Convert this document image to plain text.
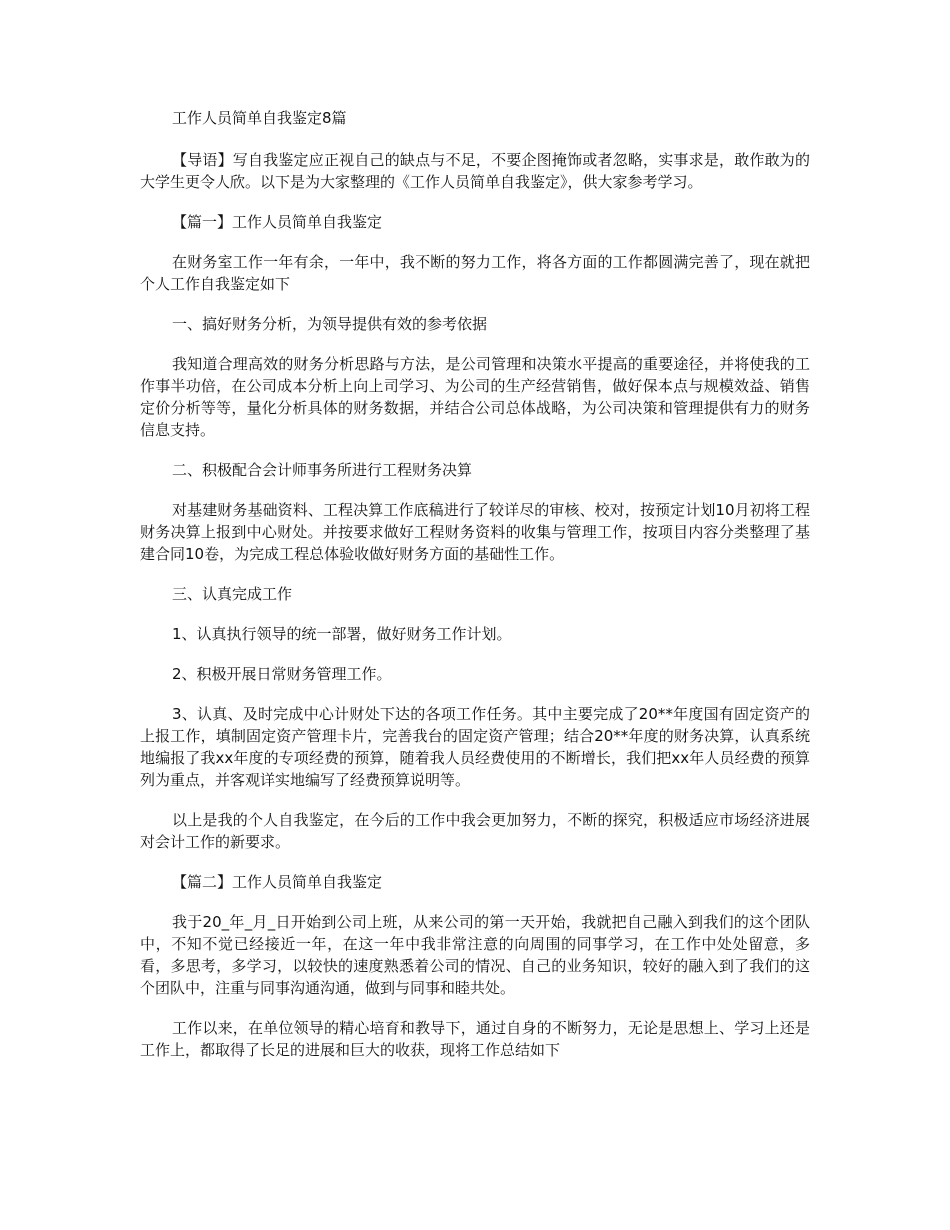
工作人员简单自我鉴定8篇

【导语】写自我鉴定应正视自己的缺点与不足，不要企图掩饰或者忽略，实事求是，敢作敢为的大学生更令人欣。以下是为大家整理的《工作人员简单自我鉴定》，供大家参考学习。

【篇一】工作人员简单自我鉴定

在财务室工作一年有余，一年中，我不断的努力工作，将各方面的工作都圆满完善了，现在就把个人工作自我鉴定如下

一、搞好财务分析，为领导提供有效的参考依据

我知道合理高效的财务分析思路与方法，是公司管理和决策水平提高的重要途径，并将使我的工作事半功倍，在公司成本分析上向上司学习、为公司的生产经营销售，做好保本点与规模效益、销售定价分析等等，量化分析具体的财务数据，并结合公司总体战略，为公司决策和管理提供有力的财务信息支持。

二、积极配合会计师事务所进行工程财务决算

对基建财务基础资料、工程决算工作底稿进行了较详尽的审核、校对，按预定计划10月初将工程财务决算上报到中心财处。并按要求做好工程财务资料的收集与管理工作，按项目内容分类整理了基建合同10卷，为完成工程总体验收做好财务方面的基础性工作。

三、认真完成工作

1、认真执行领导的统一部署，做好财务工作计划。

2、积极开展日常财务管理工作。

3、认真、及时完成中心计财处下达的各项工作任务。其中主要完成了20**年度国有固定资产的上报工作，填制固定资产管理卡片，完善我台的固定资产管理；结合20**年度的财务决算，认真系统地编报了我xx年度的专项经费的预算，随着我人员经费使用的不断增长，我们把xx年人员经费的预算列为重点，并客观详实地编写了经费预算说明等。

以上是我的个人自我鉴定，在今后的工作中我会更加努力，不断的探究，积极适应市场经济进展对会计工作的新要求。

【篇二】工作人员简单自我鉴定

我于20_年_月_日开始到公司上班，从来公司的第一天开始，我就把自己融入到我们的这个团队中，不知不觉已经接近一年，在这一年中我非常注意的向周围的同事学习，在工作中处处留意，多看，多思考，多学习，以较快的速度熟悉着公司的情况、自己的业务知识，较好的融入到了我们的这个团队中，注重与同事沟通沟通，做到与同事和睦共处。

工作以来，在单位领导的精心培育和教导下，通过自身的不断努力，无论是思想上、学习上还是工作上，都取得了长足的进展和巨大的收获，现将工作总结如下
